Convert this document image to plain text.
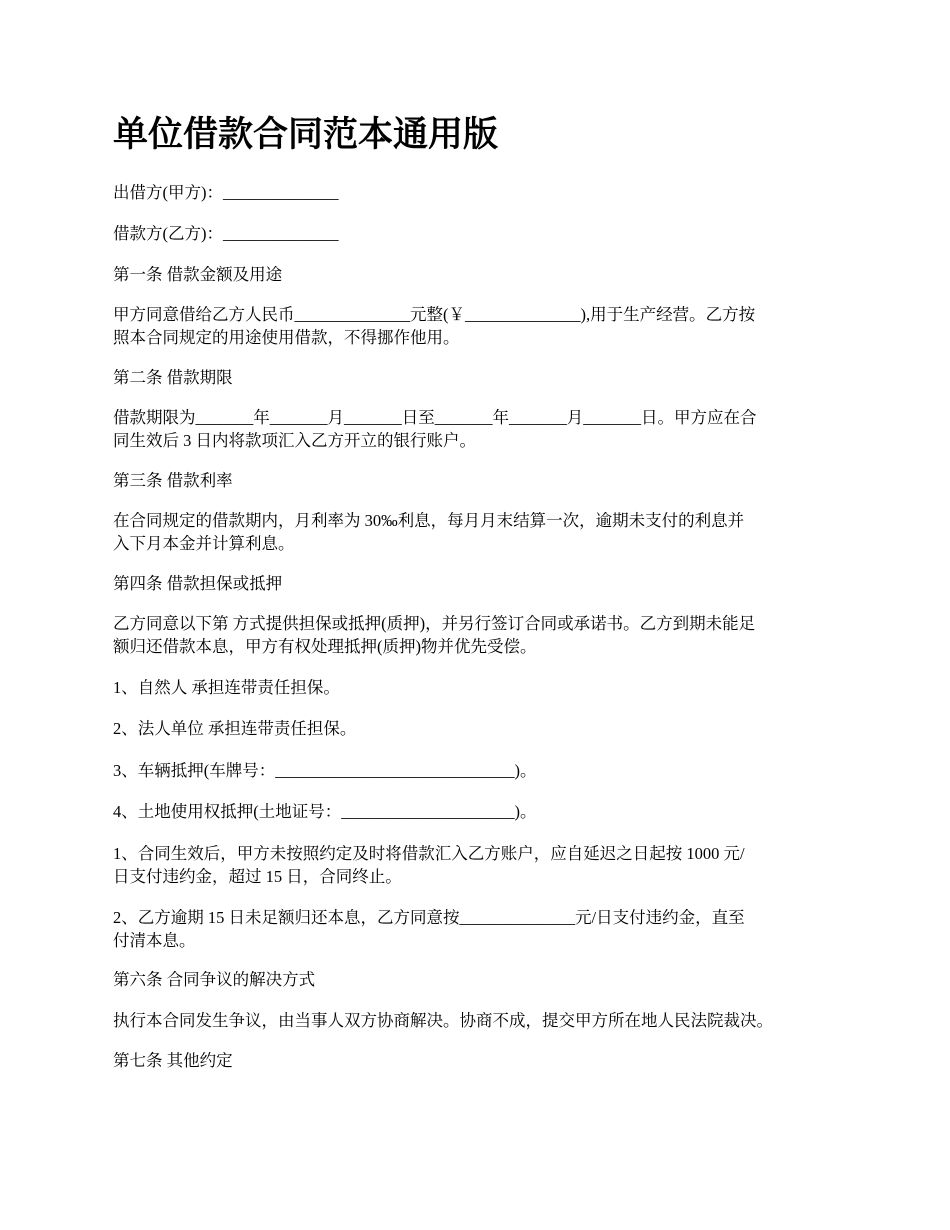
单位借款合同范本通用版

出借方(甲方)：______________

借款方(乙方)：______________

第一条 借款金额及用途

甲方同意借给乙方人民币______________元整(￥______________),用于生产经营。乙方按
照本合同规定的用途使用借款，不得挪作他用。

第二条 借款期限

借款期限为_______年_______月_______日至_______年_______月_______日。甲方应在合
同生效后 3 日内将款项汇入乙方开立的银行账户。

第三条 借款利率

在合同规定的借款期内，月利率为 30‰利息，每月月末结算一次，逾期未支付的利息并
入下月本金并计算利息。

第四条 借款担保或抵押

乙方同意以下第 方式提供担保或抵押(质押)，并另行签订合同或承诺书。乙方到期未能足
额归还借款本息，甲方有权处理抵押(质押)物并优先受偿。

1、自然人 承担连带责任担保。

2、法人单位 承担连带责任担保。

3、车辆抵押(车牌号：_____________________________)。

4、土地使用权抵押(土地证号：_____________________)。

1、合同生效后，甲方未按照约定及时将借款汇入乙方账户，应自延迟之日起按 1000 元/
日支付违约金，超过 15 日，合同终止。

2、乙方逾期 15 日未足额归还本息，乙方同意按______________元/日支付违约金，直至
付清本息。

第六条 合同争议的解决方式

执行本合同发生争议，由当事人双方协商解决。协商不成，提交甲方所在地人民法院裁决。

第七条 其他约定
